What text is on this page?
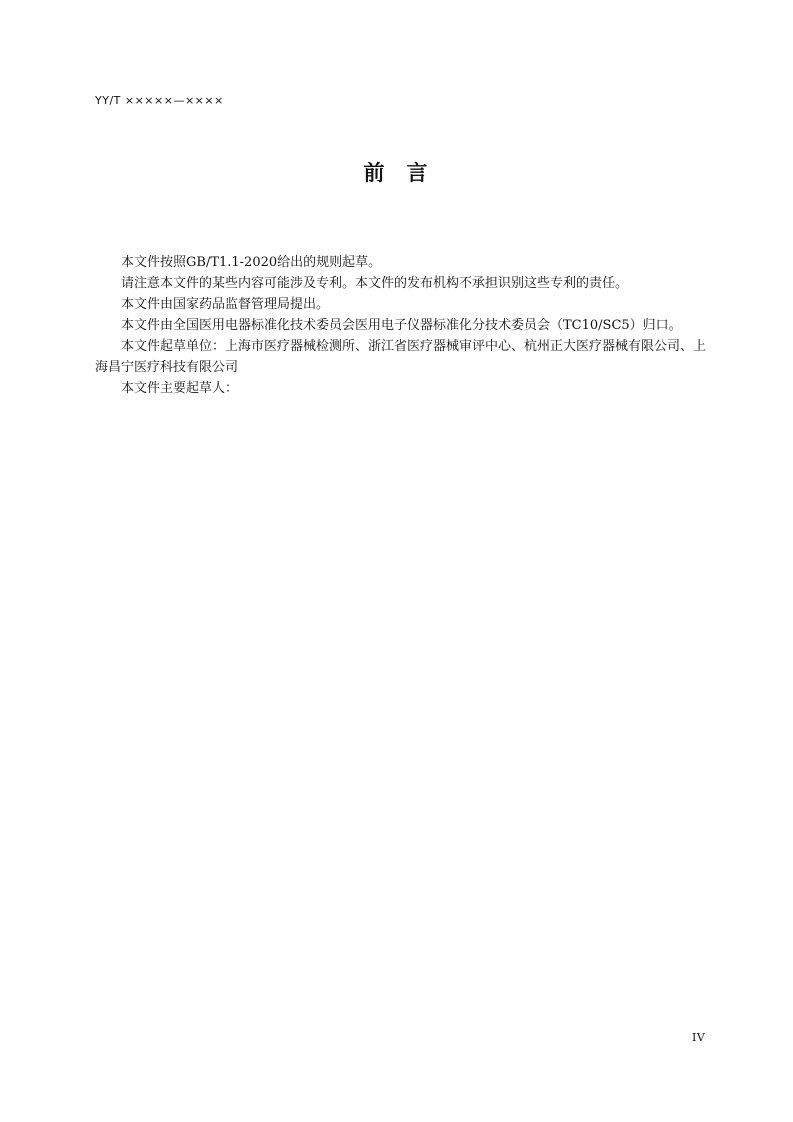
YY/T ×××××—××××
前 言

本文件按照GB/T1.1-2020给出的规则起草。

请注意本文件的某些内容可能涉及专利。本文件的发布机构不承担识别这些专利的责任。

本文件由国家药品监督管理局提出。

本文件由全国医用电器标准化技术委员会医用电子仪器标准化分技术委员会（TC10/SC5）归口。

本文件起草单位：上海市医疗器械检测所、浙江省医疗器械审评中心、杭州正大医疗器械有限公司、上海昌宁医疗科技有限公司

本文件主要起草人：

IV
